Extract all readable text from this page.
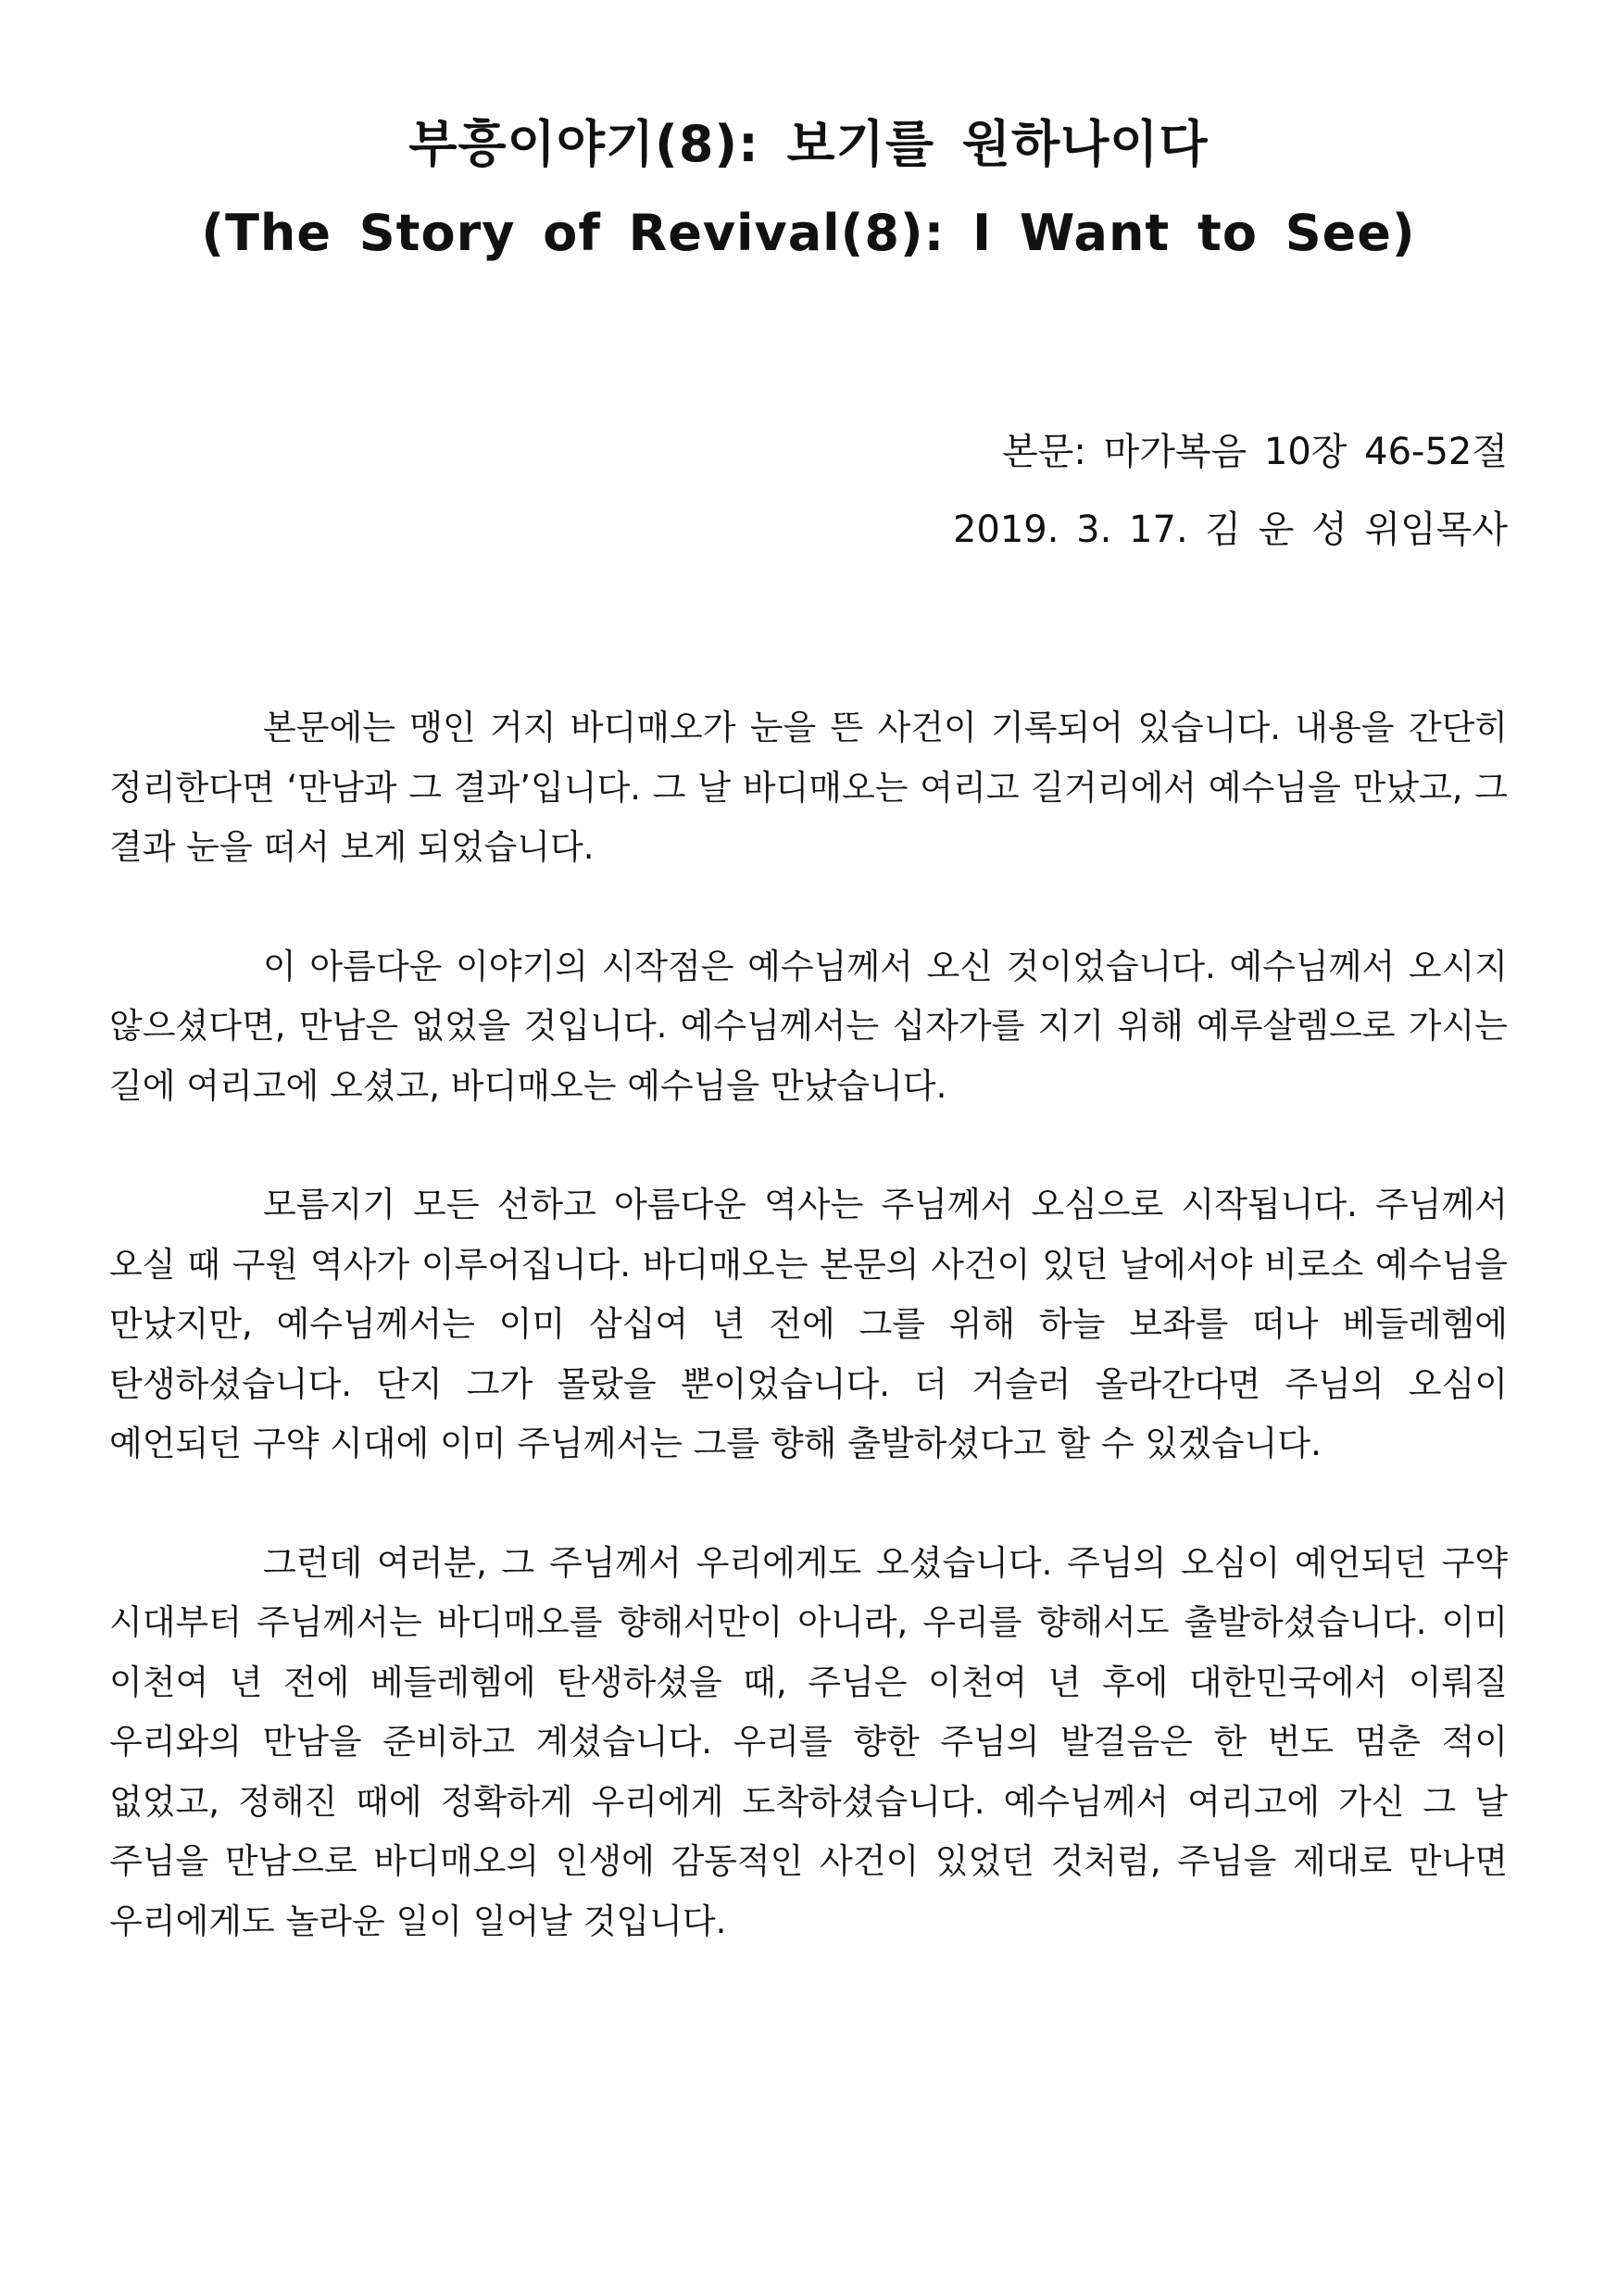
부흥이야기(8): 보기를 원하나이다
(The Story of Revival(8): I Want to See)
본문: 마가복음 10장 46-52절
2019. 3. 17. 김 운 성 위임목사

본문에는 맹인 거지 바디매오가 눈을 뜬 사건이 기록되어 있습니다. 내용을 간단히 정리한다면 ‘만남과 그 결과’입니다. 그 날 바디매오는 여리고 길거리에서 예수님을 만났고, 그 결과 눈을 떠서 보게 되었습니다.

이 아름다운 이야기의 시작점은 예수님께서 오신 것이었습니다. 예수님께서 오시지 않으셨다면, 만남은 없었을 것입니다. 예수님께서는 십자가를 지기 위해 예루살렘으로 가시는 길에 여리고에 오셨고, 바디매오는 예수님을 만났습니다.

모름지기 모든 선하고 아름다운 역사는 주님께서 오심으로 시작됩니다. 주님께서 오실 때 구원 역사가 이루어집니다. 바디매오는 본문의 사건이 있던 날에서야 비로소 예수님을 만났지만, 예수님께서는 이미 삼십여 년 전에 그를 위해 하늘 보좌를 떠나 베들레헴에 탄생하셨습니다. 단지 그가 몰랐을 뿐이었습니다. 더 거슬러 올라간다면 주님의 오심이 예언되던 구약 시대에 이미 주님께서는 그를 향해 출발하셨다고 할 수 있겠습니다.

그런데 여러분, 그 주님께서 우리에게도 오셨습니다. 주님의 오심이 예언되던 구약 시대부터 주님께서는 바디매오를 향해서만이 아니라, 우리를 향해서도 출발하셨습니다. 이미 이천여 년 전에 베들레헴에 탄생하셨을 때, 주님은 이천여 년 후에 대한민국에서 이뤄질 우리와의 만남을 준비하고 계셨습니다. 우리를 향한 주님의 발걸음은 한 번도 멈춘 적이 없었고, 정해진 때에 정확하게 우리에게 도착하셨습니다. 예수님께서 여리고에 가신 그 날 주님을 만남으로 바디매오의 인생에 감동적인 사건이 있었던 것처럼, 주님을 제대로 만나면 우리에게도 놀라운 일이 일어날 것입니다.
